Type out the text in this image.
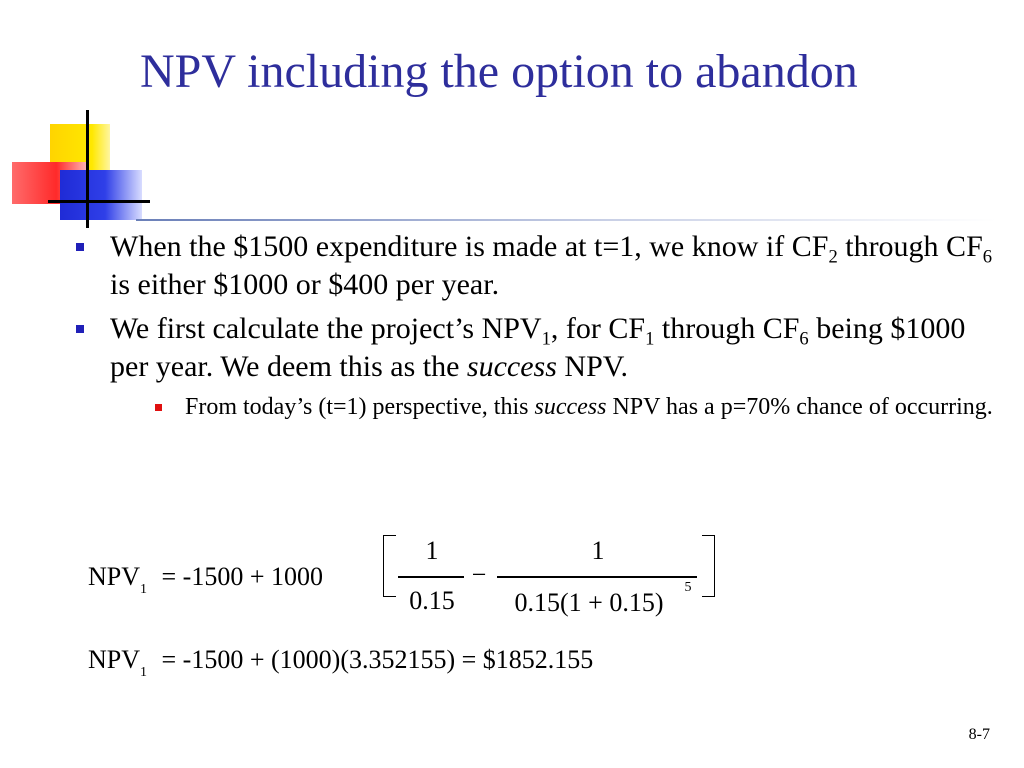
NPV including the option to abandon
When the $1500 expenditure is made at t=1, we know if $CF_2$ through $CF_6$ is either $1000 or $400 per year.
We first calculate the project’s $NPV_1$, for $CF_1$ through $CF_6$ being $1000 per year. We deem this as the success NPV.
From today’s (t=1) perspective, this success NPV has a p=70% chance of occurring.
$NPV_1 = -1500 + 1000$
1
0.15
−
1
0.15(1 + 0.15)
5
$NPV_1 = -1500 + (1000)(3.352155)$ = $1852.155
8-7
